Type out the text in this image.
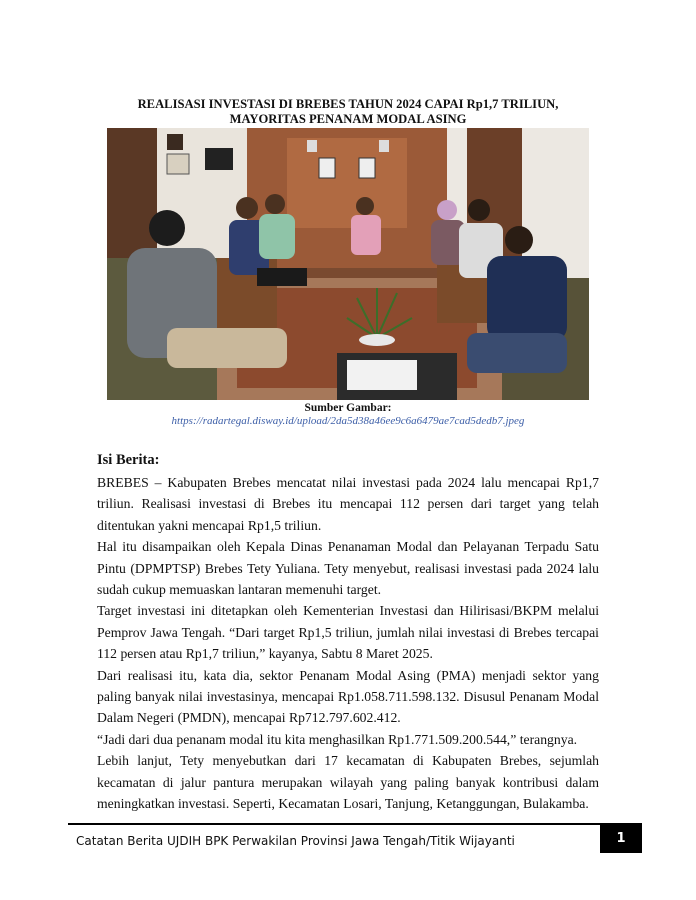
REALISASI INVESTASI DI BREBES TAHUN 2024 CAPAI Rp1,7 TRILIUN,
MAYORITAS PENANAM MODAL ASING
Sumber Gambar:
https://radartegal.disway.id/upload/2da5d38a46ee9c6a6479ae7cad5dedb7.jpeg
Isi Berita:

BREBES – Kabupaten Brebes mencatat nilai investasi pada 2024 lalu mencapai Rp1,7 triliun. Realisasi investasi di Brebes itu mencapai 112 persen dari target yang telah ditentukan yakni mencapai Rp1,5 triliun.

Hal itu disampaikan oleh Kepala Dinas Penanaman Modal dan Pelayanan Terpadu Satu Pintu (DPMPTSP) Brebes Tety Yuliana. Tety menyebut, realisasi investasi pada 2024 lalu sudah cukup memuaskan lantaran memenuhi target.

Target investasi ini ditetapkan oleh Kementerian Investasi dan Hilirisasi/BKPM melalui Pemprov Jawa Tengah. “Dari target Rp1,5 triliun, jumlah nilai investasi di Brebes tercapai 112 persen atau Rp1,7 triliun,” kayanya, Sabtu 8 Maret 2025.

Dari realisasi itu, kata dia, sektor Penanam Modal Asing (PMA) menjadi sektor yang paling banyak nilai investasinya, mencapai Rp1.058.711.598.132. Disusul Penanam Modal Dalam Negeri (PMDN), mencapai Rp712.797.602.412.

“Jadi dari dua penanam modal itu kita menghasilkan Rp1.771.509.200.544,” terangnya.

Lebih lanjut, Tety menyebutkan dari 17 kecamatan di Kabupaten Brebes, sejumlah kecamatan di jalur pantura merupakan wilayah yang paling banyak kontribusi dalam meningkatkan investasi. Seperti, Kecamatan Losari, Tanjung, Ketanggungan, Bulakamba.

Catatan Berita UJDIH BPK Perwakilan Provinsi Jawa Tengah/Titik Wijayanti	1
